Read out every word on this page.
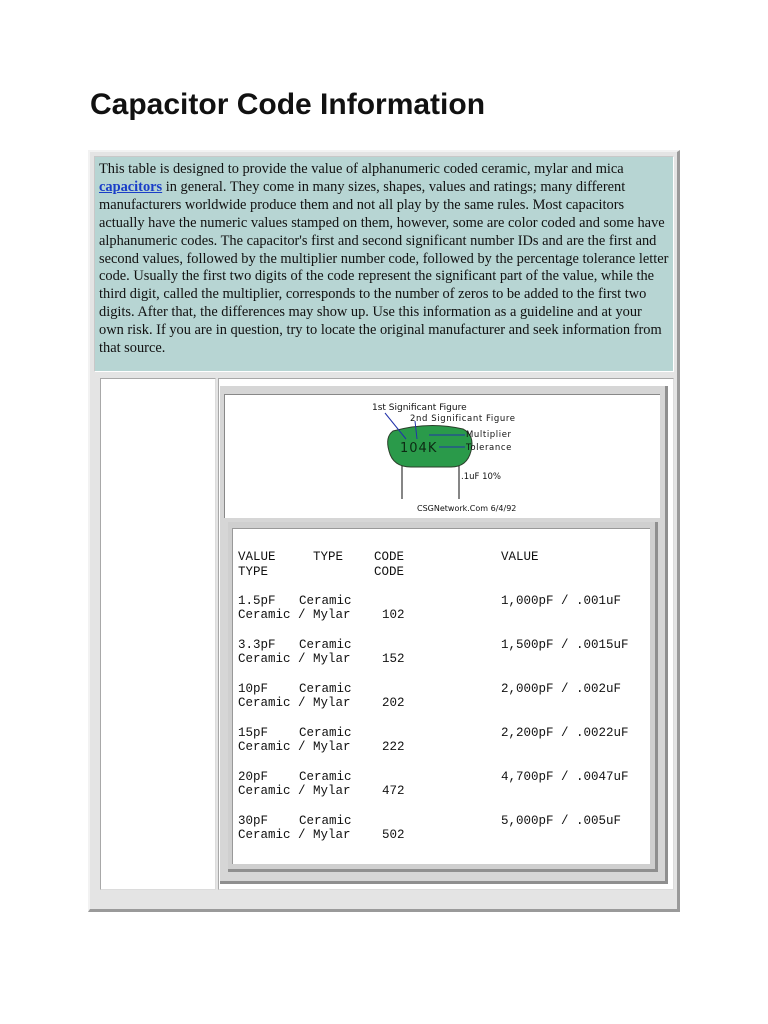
Capacitor Code Information
This table is designed to provide the value of alphanumeric coded ceramic, mylar and mica capacitors in general. They come in many sizes, shapes, values and ratings; many different manufacturers worldwide produce them and not all play by the same rules. Most capacitors actually have the numeric values stamped on them, however, some are color coded and some have alphanumeric codes. The capacitor's first and second significant number IDs and are the first and second values, followed by the multiplier number code, followed by the percentage tolerance letter code. Usually the first two digits of the code represent the significant part of the value, while the third digit, called the multiplier, corresponds to the number of zeros to be added to the first two digits. After that, the differences may show up. Use this information as a guideline and at your own risk. If you are in question, try to locate the original manufacturer and seek information from that source.
104K
1st Significant Figure
2nd Significant Figure
Multiplier
Tolerance
.1uF 10%
CSGNetwork.Com 6/4/92
VALUE	TYPE CODE	VALUE
TYPE	CODE
1.5pF Ceramic	1,000pF / .001uF
Ceramic / Mylar	102
3.3pF Ceramic	1,500pF / .0015uF
Ceramic / Mylar	152
10pF Ceramic	2,000pF / .002uF
Ceramic / Mylar	202
15pF Ceramic	2,200pF / .0022uF
Ceramic / Mylar	222
20pF Ceramic	4,700pF / .0047uF
Ceramic / Mylar	472
30pF Ceramic	5,000pF / .005uF
Ceramic / Mylar	502
